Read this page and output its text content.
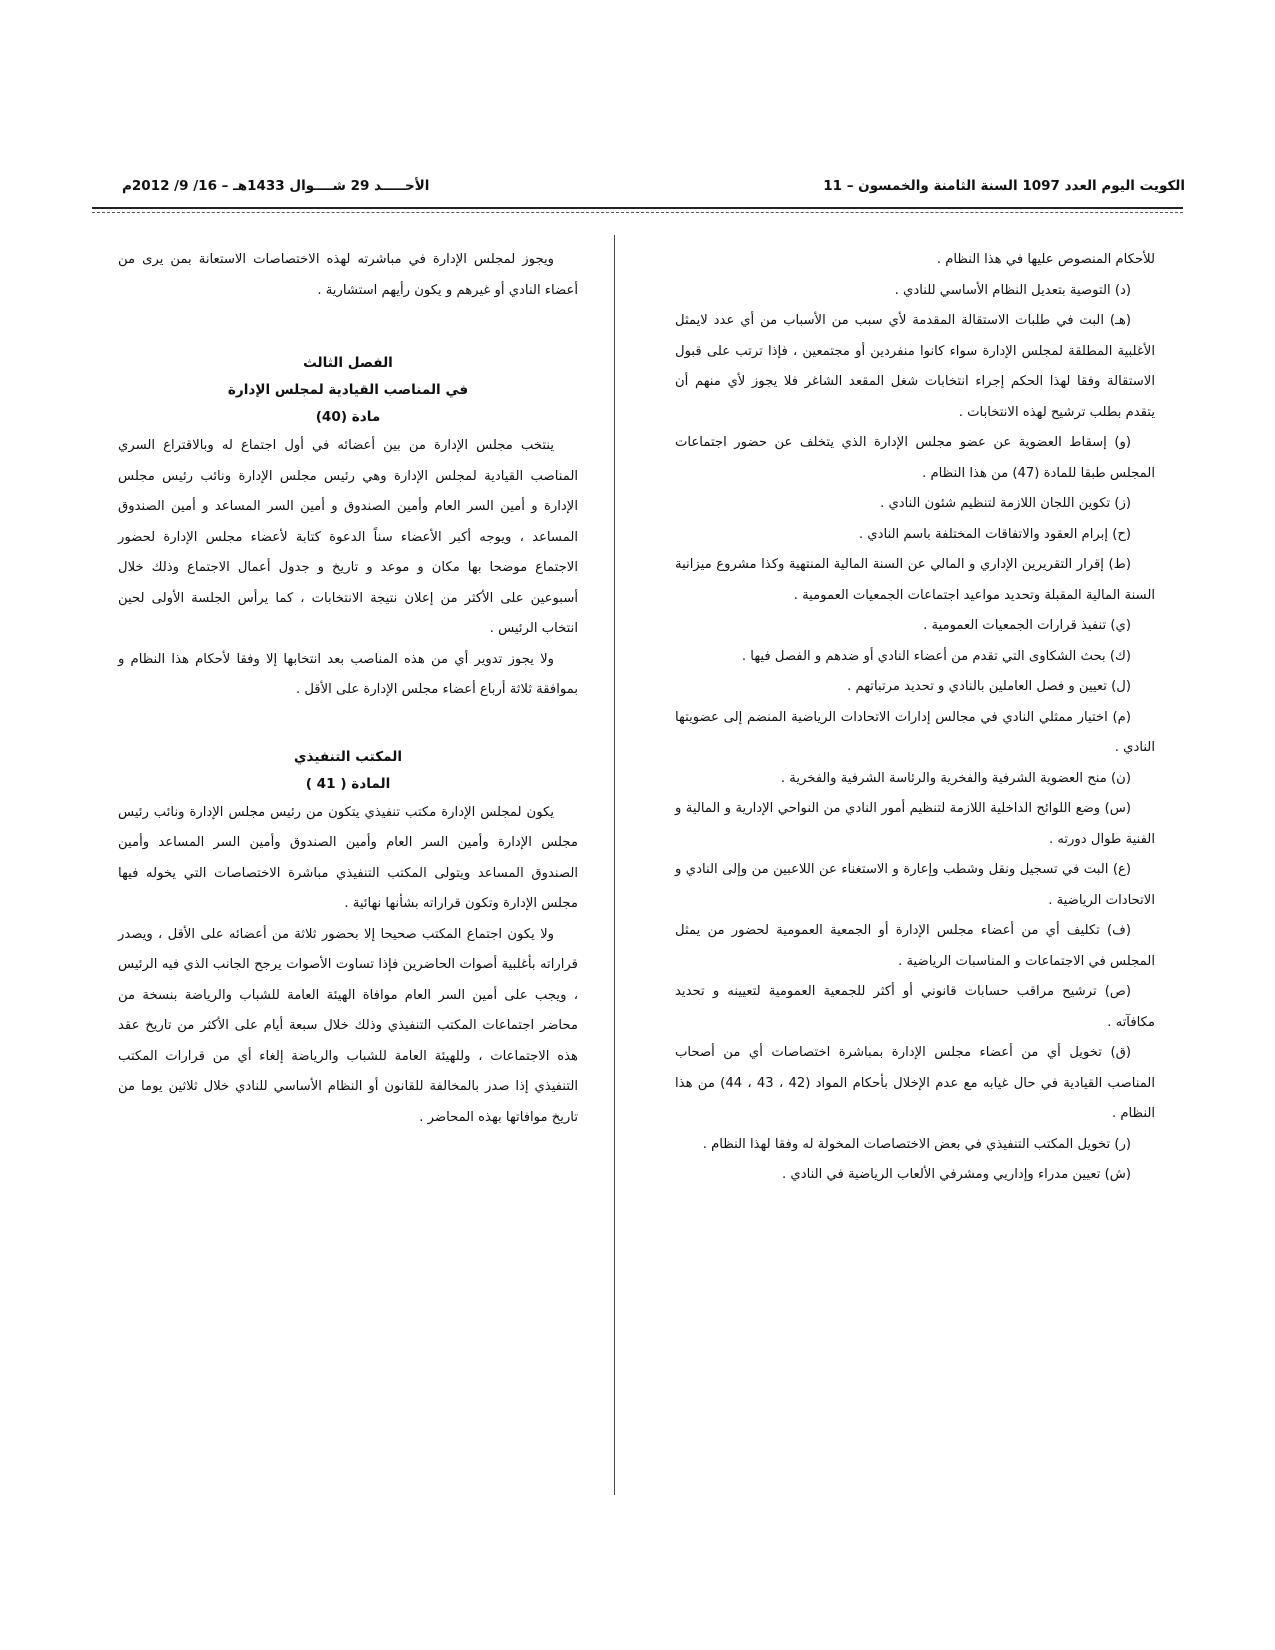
الكويت اليوم العدد 1097 السنة الثامنة والخمسون – 11
الأحـــــد 29 شــــوال 1433هـ – 16/ 9/ 2012م

للأحكام المنصوص عليها في هذا النظام .

(د) التوصية بتعديل النظام الأساسي للنادي .

(هـ) البت في طلبات الاستقالة المقدمة لأي سبب من الأسباب من أي عدد لايمثل الأغلبية المطلقة لمجلس الإدارة سواء كانوا منفردين أو مجتمعين ، فإذا ترتب على قبول الاستقالة وفقا لهذا الحكم إجراء انتخابات شغل المقعد الشاغر فلا يجوز لأي منهم أن يتقدم بطلب ترشيح لهذه الانتخابات .

(و) إسقاط العضوية عن عضو مجلس الإدارة الذي يتخلف عن حضور اجتماعات المجلس طبقا للمادة (47) من هذا النظام .

(ز) تكوين اللجان اللازمة لتنظيم شئون النادي .

(ح) إبرام العقود والاتفاقات المختلفة باسم النادي .

(ط) إقرار التقريرين الإداري و المالي عن السنة المالية المنتهية وكذا مشروع ميزانية السنة المالية المقبلة وتحديد مواعيد اجتماعات الجمعيات العمومية .

(ي) تنفيذ قرارات الجمعيات العمومية .

(ك) بحث الشكاوى التي تقدم من أعضاء النادي أو ضدهم و الفصل فيها .

(ل) تعيين و فصل العاملين بالنادي و تحديد مرتباتهم .

(م) اختيار ممثلي النادي في مجالس إدارات الاتحادات الرياضية المنضم إلى عضويتها النادي .

(ن) منح العضوية الشرفية والفخرية والرئاسة الشرفية والفخرية .

(س) وضع اللوائح الداخلية اللازمة لتنظيم أمور النادي من النواحي الإدارية و المالية و الفنية طوال دورته .

(ع) البت في تسجيل ونقل وشطب وإعارة و الاستغناء عن اللاعبين من وإلى النادي و الاتحادات الرياضية .

(ف) تكليف أي من أعضاء مجلس الإدارة أو الجمعية العمومية لحضور من يمثل المجلس في الاجتماعات و المناسبات الرياضية .

(ص) ترشيح مراقب حسابات قانوني أو أكثر للجمعية العمومية لتعيينه و تحديد مكافآته .

(ق) تخويل أي من أعضاء مجلس الإدارة بمباشرة اختصاصات أي من أصحاب المناصب القيادية في حال غيابه مع عدم الإخلال بأحكام المواد (42 ، 43 ، 44) من هذا النظام .

(ر) تخويل المكتب التنفيذي في بعض الاختصاصات المخولة له وفقا لهذا النظام .

(ش) تعيين مدراء وإداريي ومشرفي الألعاب الرياضية في النادي .

ويجوز لمجلس الإدارة في مباشرته لهذه الاختصاصات الاستعانة بمن يرى من أعضاء النادي أو غيرهم و يكون رأيهم استشارية .

الفصل الثالث
في المناصب القيادية لمجلس الإدارة
مادة (40)

ينتخب مجلس الإدارة من بين أعضائه في أول اجتماع له وبالاقتراع السري المناصب القيادية لمجلس الإدارة وهي رئيس مجلس الإدارة ونائب رئيس مجلس الإدارة و أمين السر العام وأمين الصندوق و أمين السر المساعد و أمين الصندوق المساعد ، ويوجه أكبر الأعضاء سناً الدعوة كتابة لأعضاء مجلس الإدارة لحضور الاجتماع موضحا بها مكان و موعد و تاريخ و جدول أعمال الاجتماع وذلك خلال أسبوعين على الأكثر من إعلان نتيجة الانتخابات ، كما يرأس الجلسة الأولى لحين انتخاب الرئيس .

ولا يجوز تدوير أي من هذه المناصب بعد انتخابها إلا وفقا لأحكام هذا النظام و بموافقة ثلاثة أرباع أعضاء مجلس الإدارة على الأقل .

المكتب التنفيذي
المادة ( 41 )

يكون لمجلس الإدارة مكتب تنفيذي يتكون من رئيس مجلس الإدارة ونائب رئيس مجلس الإدارة وأمين السر العام وأمين الصندوق وأمين السر المساعد وأمين الصندوق المساعد ويتولى المكتب التنفيذي مباشرة الاختصاصات التي يخوله فيها مجلس الإدارة وتكون قراراته بشأنها نهائية .

ولا يكون اجتماع المكتب صحيحا إلا بحضور ثلاثة من أعضائه على الأقل ، ويصدر قراراته بأغلبية أصوات الحاضرين فإذا تساوت الأصوات يرجح الجانب الذي فيه الرئيس ، ويجب على أمين السر العام موافاة الهيئة العامة للشباب والرياضة بنسخة من محاضر اجتماعات المكتب التنفيذي وذلك خلال سبعة أيام على الأكثر من تاريخ عقد هذه الاجتماعات ، وللهيئة العامة للشباب والرياضة إلغاء أي من قرارات المكتب التنفيذي إذا صدر بالمخالفة للقانون أو النظام الأساسي للنادي خلال ثلاثين يوما من تاريخ موافاتها بهذه المحاضر .
